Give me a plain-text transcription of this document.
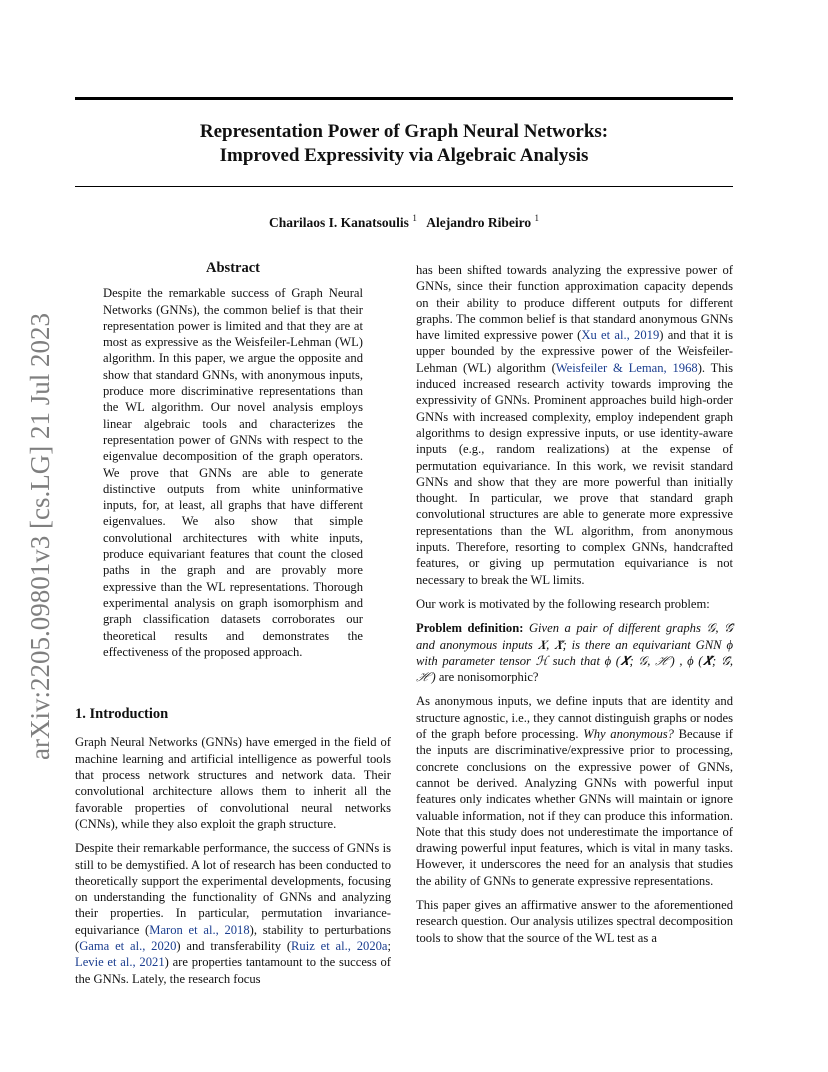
Representation Power of Graph Neural Networks:
Improved Expressivity via Algebraic Analysis

Charilaos I. Kanatsoulis $^1$ Alejandro Ribeiro $^1$

arXiv:2205.09801v3 [cs.LG] 21 Jul 2023
Abstract

Despite the remarkable success of Graph Neural Networks (GNNs), the common belief is that their representation power is limited and that they are at most as expressive as the Weisfeiler-Lehman (WL) algorithm. In this paper, we argue the opposite and show that standard GNNs, with anonymous inputs, produce more discriminative representations than the WL algorithm. Our novel analysis employs linear algebraic tools and characterizes the representation power of GNNs with respect to the eigenvalue decomposition of the graph operators. We prove that GNNs are able to generate distinctive outputs from white uninformative inputs, for, at least, all graphs that have different eigenvalues. We also show that simple convolutional architectures with white inputs, produce equivariant features that count the closed paths in the graph and are provably more expressive than the WL representations. Thorough experimental analysis on graph isomorphism and graph classification datasets corroborates our theoretical results and demonstrates the effectiveness of the proposed approach.

1. Introduction

Graph Neural Networks (GNNs) have emerged in the field of machine learning and artificial intelligence as powerful tools that process network structures and network data. Their convolutional architecture allows them to inherit all the favorable properties of convolutional neural networks (CNNs), while they also exploit the graph structure.

Despite their remarkable performance, the success of GNNs is still to be demystified. A lot of research has been conducted to theoretically support the experimental developments, focusing on understanding the functionality of GNNs and analyzing their properties. In particular, permutation invariance-equivariance (Maron et al., 2018), stability to perturbations (Gama et al., 2020) and transferability (Ruiz et al., 2020a; Levie et al., 2021) are properties tantamount to the success of the GNNs. Lately, the research focus

has been shifted towards analyzing the expressive power of GNNs, since their function approximation capacity depends on their ability to produce different outputs for different graphs. The common belief is that standard anonymous GNNs have limited expressive power (Xu et al., 2019) and that it is upper bounded by the expressive power of the Weisfeiler-Lehman (WL) algorithm (Weisfeiler & Leman, 1968). This induced increased research activity towards improving the expressivity of GNNs. Prominent approaches build high-order GNNs with increased complexity, employ independent graph algorithms to design expressive inputs, or use identity-aware inputs (e.g., random realizations) at the expense of permutation equivariance. In this work, we revisit standard GNNs and show that they are more powerful than initially thought. In particular, we prove that standard graph convolutional structures are able to generate more expressive representations than the WL algorithm, from anonymous inputs. Therefore, resorting to complex GNNs, handcrafted features, or giving up permutation equivariance is not necessary to break the WL limits.

Our work is motivated by the following research problem:

Problem definition: Given a pair of different graphs 𝒢, 𝒢̂ and anonymous inputs 𝑿, 𝑿̂; is there an equivariant GNN ϕ with parameter tensor ℋ such that ϕ (𝑿; 𝒢, ℋ) , ϕ (𝑿̂; 𝒢̂, ℋ) are nonisomorphic?

As anonymous inputs, we define inputs that are identity and structure agnostic, i.e., they cannot distinguish graphs or nodes of the graph before processing. Why anonymous? Because if the inputs are discriminative/expressive prior to processing, concrete conclusions on the expressive power of GNNs, cannot be derived. Analyzing GNNs with powerful input features only indicates whether GNNs will maintain or ignore valuable information, not if they can produce this information. Note that this study does not underestimate the importance of drawing powerful input features, which is vital in many tasks. However, it underscores the need for an analysis that studies the ability of GNNs to generate expressive representations.

This paper gives an affirmative answer to the aforementioned research question. Our analysis utilizes spectral decomposition tools to show that the source of the WL test as a
